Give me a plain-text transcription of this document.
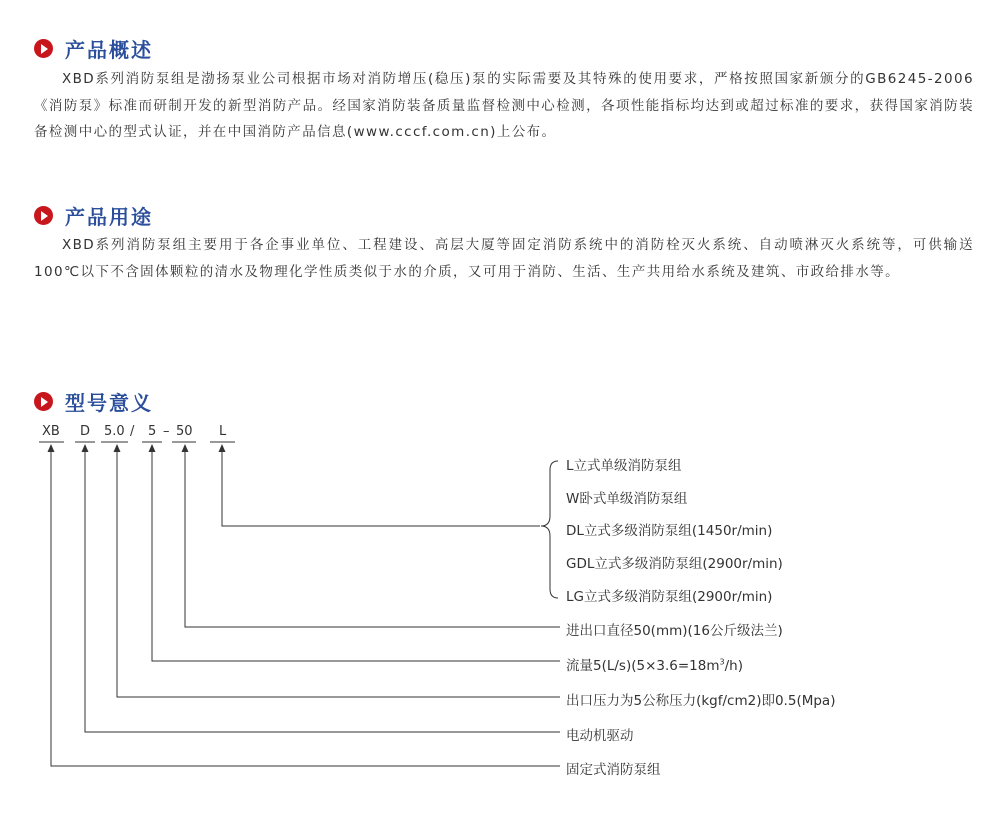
产品概述

XBD系列消防泵组是渤扬泵业公司根据市场对消防增压(稳压)泵的实际需要及其特殊的使用要求，严格按照国家新颁分的GB6245-2006《消防泵》标准而研制开发的新型消防产品。经国家消防装备质量监督检测中心检测，各项性能指标均达到或超过标准的要求，获得国家消防装备检测中心的型式认证，并在中国消防产品信息(www.cccf.com.cn)上公布。

产品用途

XBD系列消防泵组主要用于各企事业单位、工程建设、高层大厦等固定消防系统中的消防栓灭火系统、自动喷淋灭火系统等，可供输送100℃以下不含固体颗粒的清水及物理化学性质类似于水的介质，又可用于消防、生活、生产共用给水系统及建筑、市政给排水等。

型号意义
XB D 5.0 / 5 – 50 L
L立式单级消防泵组
W卧式单级消防泵组
DL立式多级消防泵组(1450r/min)
GDL立式多级消防泵组(2900r/min)
LG立式多级消防泵组(2900r/min)
进出口直径50(mm)(16公斤级法兰)
流量$5(L/s)(5\times 3.6=18m^3/h)$
出口压力为5公称压力(kgf/cm2)即0.5(Mpa)
电动机驱动
固定式消防泵组
